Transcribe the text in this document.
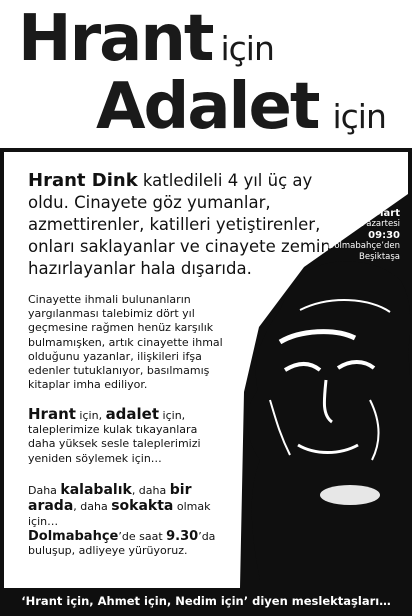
Hrant için
Adalet için
Hrant Dink katledileli 4 yıl üç ay oldu. Cinayete göz yumanlar, azmettirenler, katilleri yetiştirenler, onları saklayanlar ve cinayete zemin hazırlayanlar hala dışarıda.
Cinayette ihmali bulunanların yargılanması talebimiz dört yıl geçmesine rağmen henüz karşılık bulmamışken, artık cinayette ihmal olduğunu yazanlar, ilişkileri ifşa edenler tutuklanıyor, basılmamış kitaplar imha ediliyor.
Hrant için, adalet için, taleplerimize kulak tıkayanlara daha yüksek sesle taleplerimizi yeniden söylemek için…
Daha kalabalık, daha bir arada, daha sokakta olmak için…
Dolmabahçe’de saat 9.30’da buluşup, adliyeye yürüyoruz.
28 Mart
Pazartesi
09:30
Dolmabahçe’den
Beşiktaşa
‘Hrant için, Ahmet için, Nedim için’ diyen meslektaşları…
